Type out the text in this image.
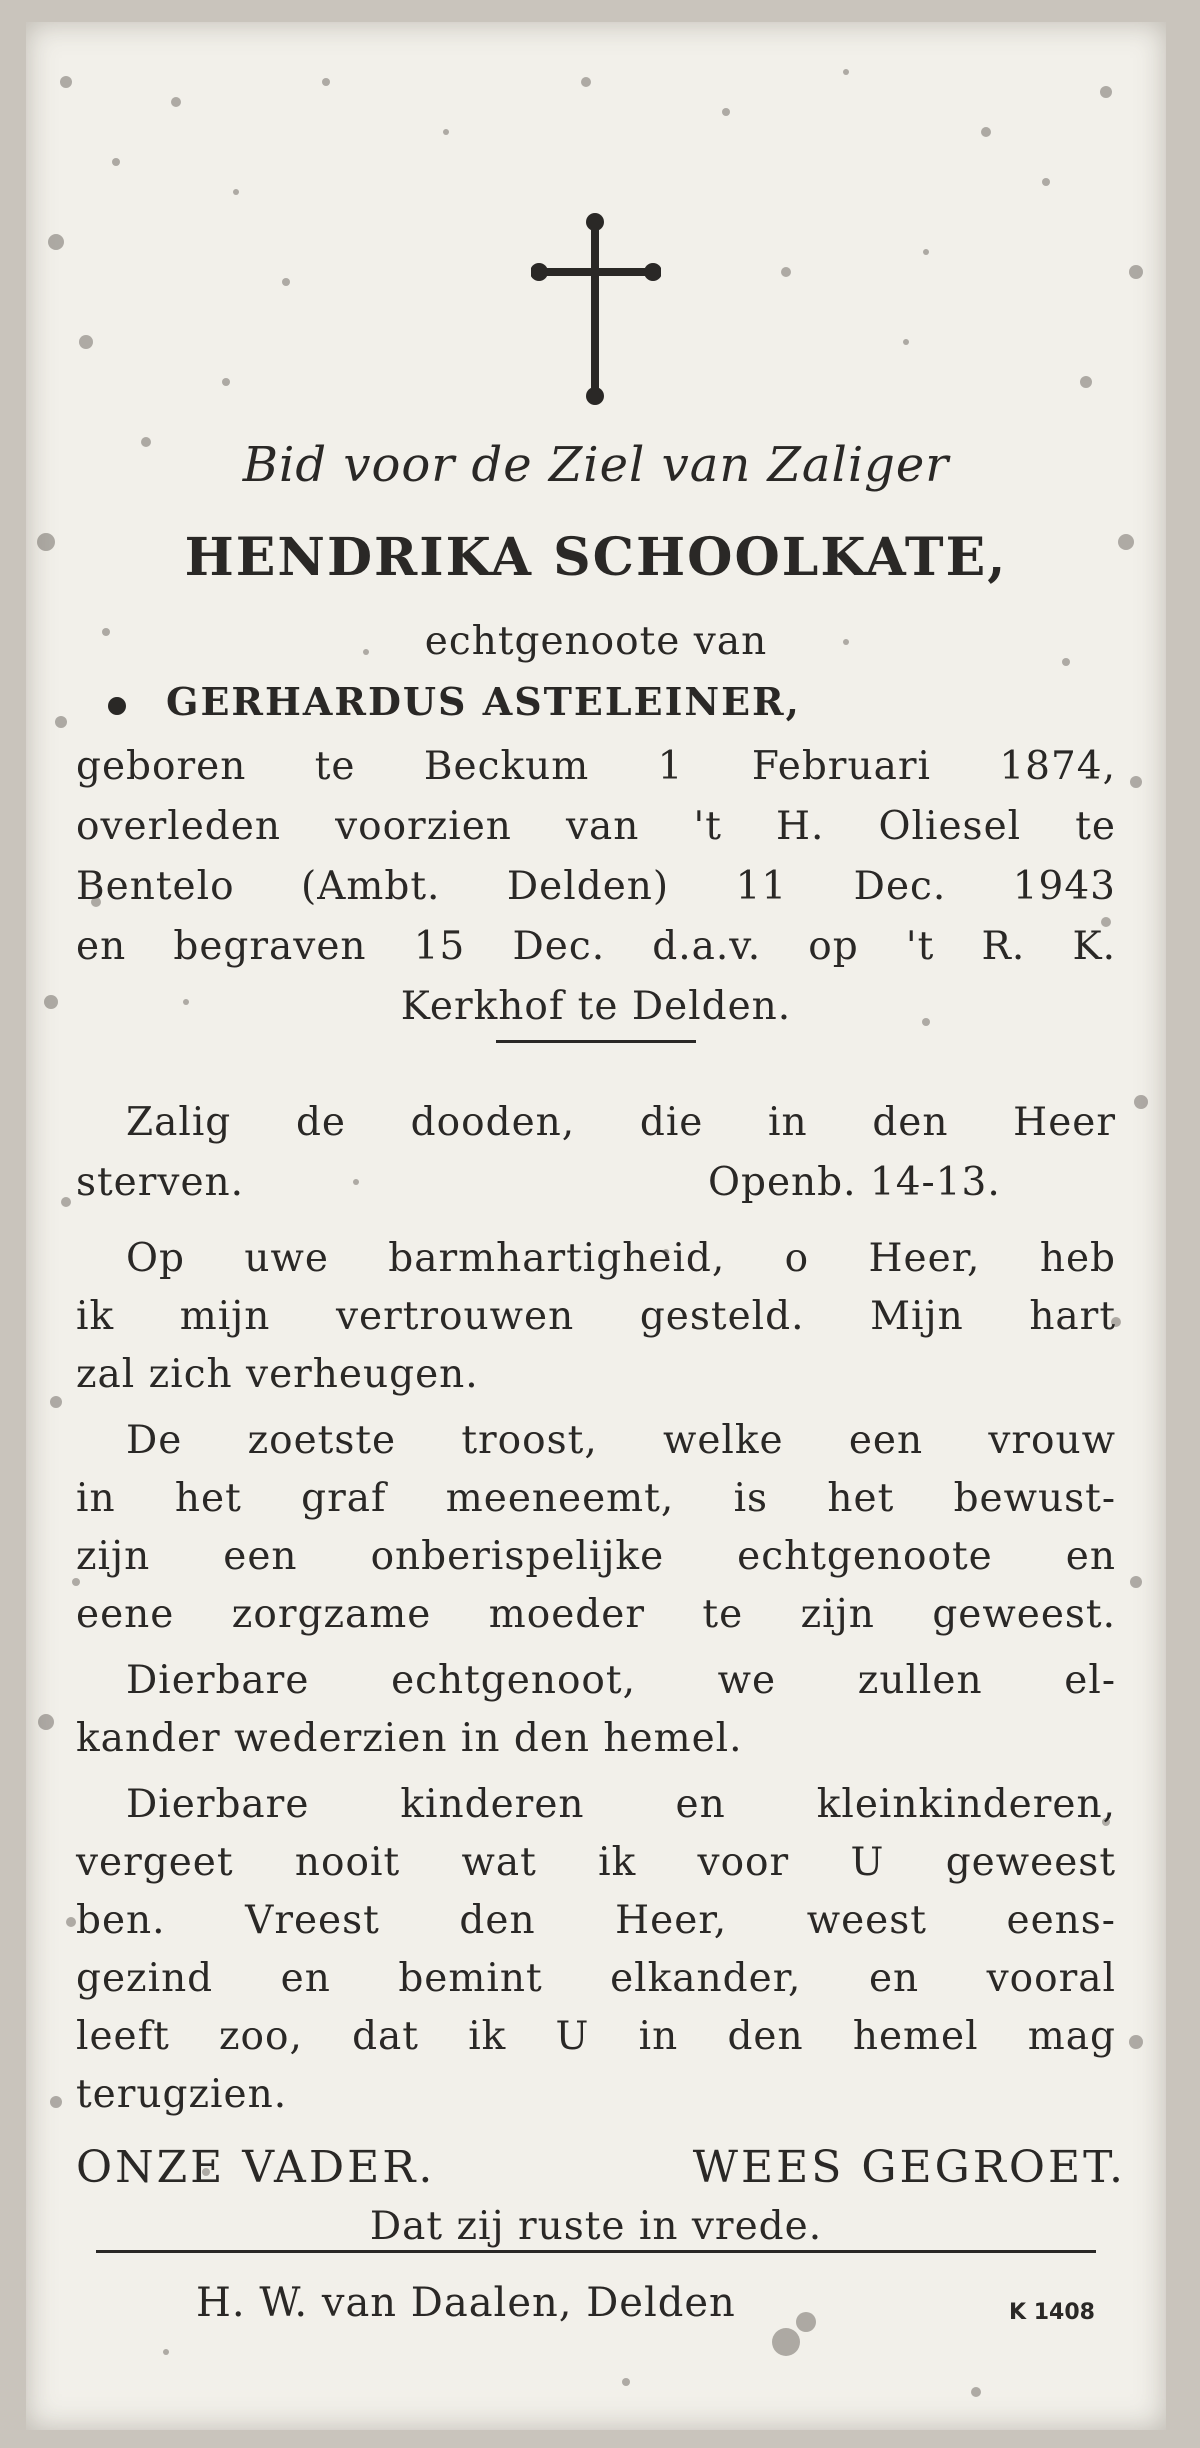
Bid voor de Ziel van Zaliger
HENDRIKA SCHOOLKATE,
echtgenoote van
GERHARDUS ASTELEINER,
geboren te Beckum 1 Februari 1874,
overleden voorzien van 't H. Oliesel te
Bentelo (Ambt. Delden) 11 Dec. 1943
en begraven 15 Dec. d.a.v. op 't R. K.
Kerkhof te Delden.
Zalig de dooden, die in den Heer
sterven.	Openb. 14-13.
Op uwe barmhartigheid, o Heer, heb
ik mijn vertrouwen gesteld. Mijn hart
zal zich verheugen.
De zoetste troost, welke een vrouw
in het graf meeneemt, is het bewust-
zijn een onberispelijke echtgenoote en
eene zorgzame moeder te zijn geweest.
Dierbare echtgenoot, we zullen el-
kander wederzien in den hemel.
Dierbare kinderen en kleinkinderen,
vergeet nooit wat ik voor U geweest
ben. Vreest den Heer, weest eens-
gezind en bemint elkander, en vooral
leeft zoo, dat ik U in den hemel mag
terugzien.
ONZE VADER.	WEES GEGROET.
Dat zij ruste in vrede.
H. W. van Daalen, Delden	K 1408
